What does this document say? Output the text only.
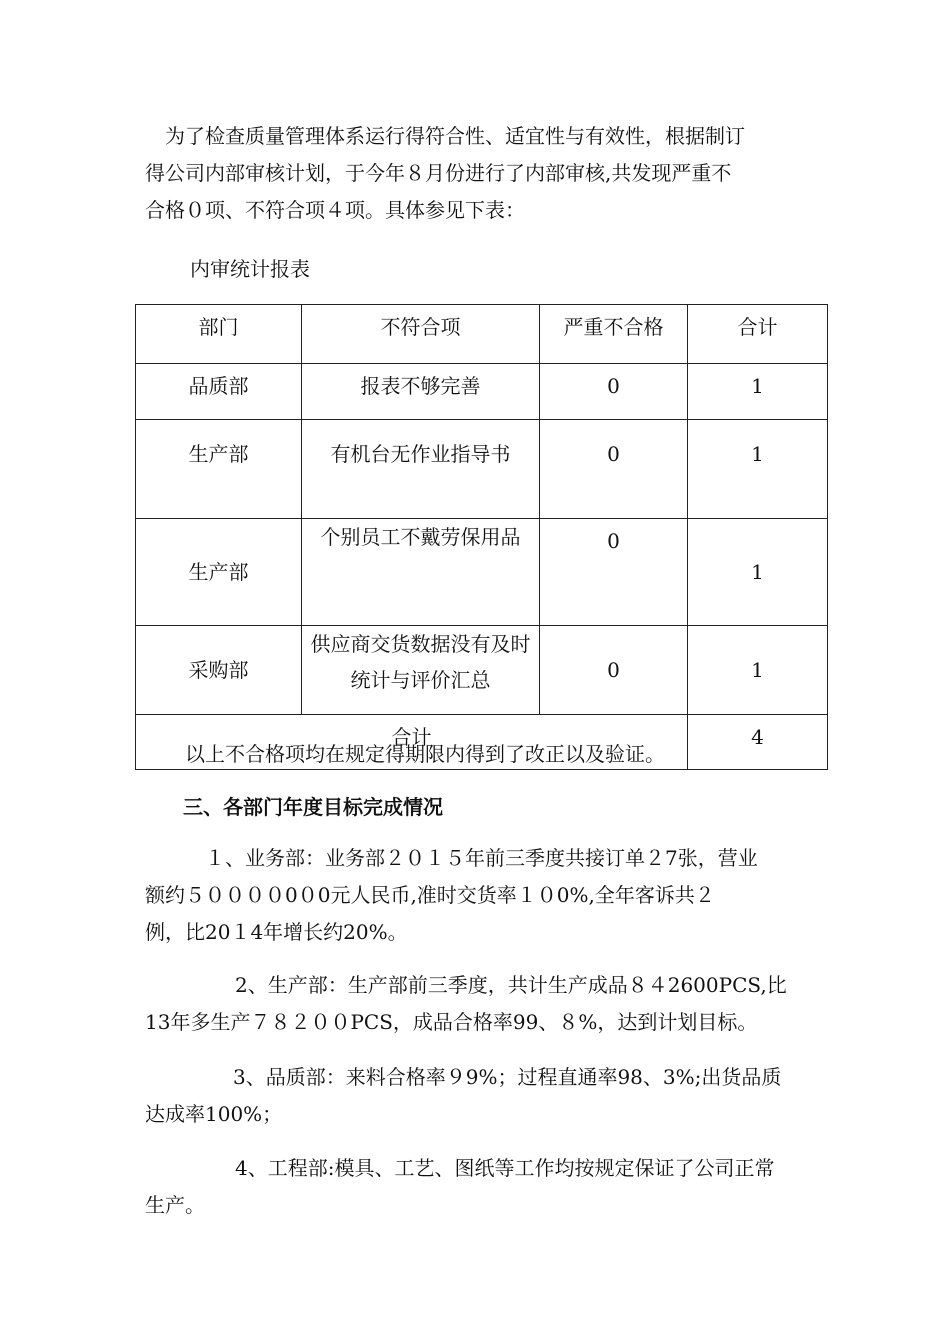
为了检查质量管理体系运行得符合性、适宜性与有效性，根据制订
得公司内部审核计划，于今年８月份进行了内部审核,共发现严重不
合格０项、不符合项４项。具体参见下表：
内审统计报表
部门	不符合项	严重不合格	合计
品质部	报表不够完善	0	1
生产部	有机台无作业指导书	0	1
生产部	个别员工不戴劳保用品	0	1
采购部	供应商交货数据没有及时统计与评价汇总	0	1
合计			4
以上不合格项均在规定得期限内得到了改正以及验证。
三、各部门年度目标完成情况
１、业务部：业务部２０１５年前三季度共接订单２7张，营业
额约５００００0０0元人民币,准时交货率１０0%,全年客诉共２
例，比20１4年增长约20%。
2、生产部：生产部前三季度，共计生产成品８４2600PCS,比
13年多生产７８２００PCS，成品合格率99、８%，达到计划目标。
3、品质部：来料合格率９9%；过程直通率98、3%;出货品质
达成率100%；
4、工程部:模具、工艺、图纸等工作均按规定保证了公司正常
生产。
